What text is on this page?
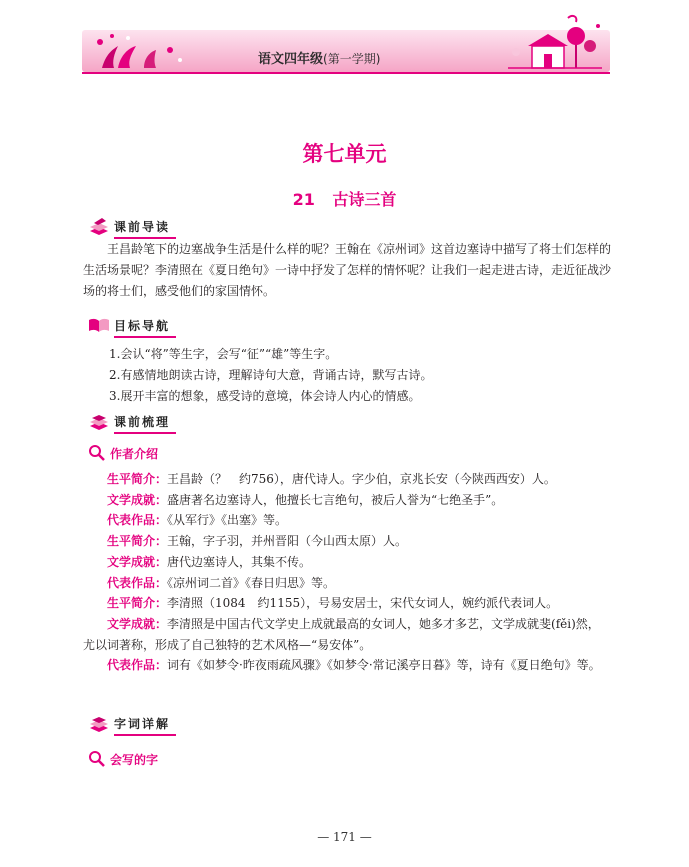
语文四年级(第一学期)
第七单元
21 古诗三首
课前导读

王昌龄笔下的边塞战争生活是什么样的呢？王翰在《凉州词》这首边塞诗中描写了将士们怎样的生活场景呢？李清照在《夏日绝句》一诗中抒发了怎样的情怀呢？让我们一起走进古诗，走近征战沙场的将士们，感受他们的家国情怀。

目标导航
1.会认“将”等生字，会写“征”“雄”等生字。
2.有感情地朗读古诗，理解诗句大意，背诵古诗，默写古诗。
3.展开丰富的想象，感受诗的意境，体会诗人内心的情感。
课前梳理
作者介绍

生平简介：王昌龄（？　约756），唐代诗人。字少伯，京兆长安（今陕西西安）人。

文学成就：盛唐著名边塞诗人，他擅长七言绝句，被后人誉为“七绝圣手”。

代表作品：《从军行》《出塞》等。

生平简介：王翰，字子羽，并州晋阳（今山西太原）人。

文学成就：唐代边塞诗人，其集不传。

代表作品：《凉州词二首》《春日归思》等。

生平简介：李清照（1084　约1155），号易安居士，宋代女词人，婉约派代表词人。

文学成就：李清照是中国古代文学史上成就最高的女词人，她多才多艺，文学成就斐(fěi)然，尤以词著称，形成了自己独特的艺术风格—“易安体”。

代表作品：词有《如梦令·昨夜雨疏风骤》《如梦令·常记溪亭日暮》等，诗有《夏日绝句》等。

字词详解
会写的字
— 171 —
